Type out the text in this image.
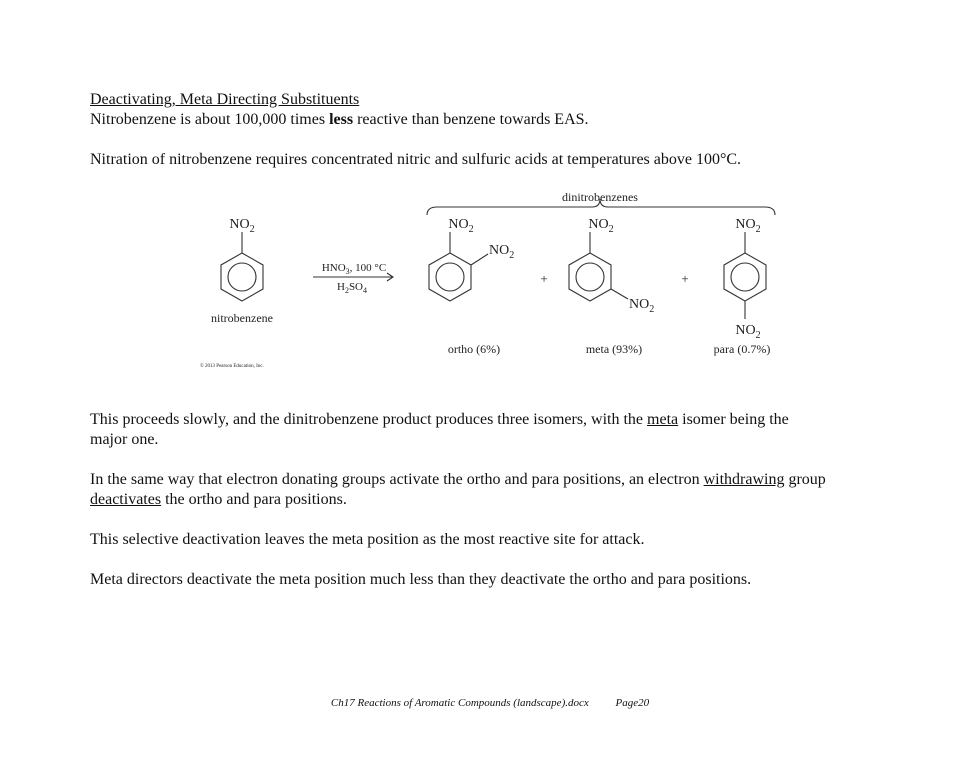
Deactivating, Meta Directing Substituents
Nitrobenzene is about 100,000 times less reactive than benzene towards EAS.
Nitration of nitrobenzene requires concentrated nitric and sulfuric acids at temperatures above 100°C.
dinitrobenzenes
$NO_2$
nitrobenzene
$HNO_3$, 100 °C
$H_2SO_4$
$NO_2$
$NO_2$
ortho (6%)
+
$NO_2$
$NO_2$
meta (93%)
+
$NO_2$
$NO_2$
para (0.7%)
© 2013 Pearson Education, Inc.
This proceeds slowly, and the dinitrobenzene product produces three isomers, with the meta isomer being the
major one.
In the same way that electron donating groups activate the ortho and para positions, an electron withdrawing group
deactivates the ortho and para positions.
This selective deactivation leaves the meta position as the most reactive site for attack.
Meta directors deactivate the meta position much less than they deactivate the ortho and para positions.
Ch17 Reactions of Aromatic Compounds (landscape).docx Page20
